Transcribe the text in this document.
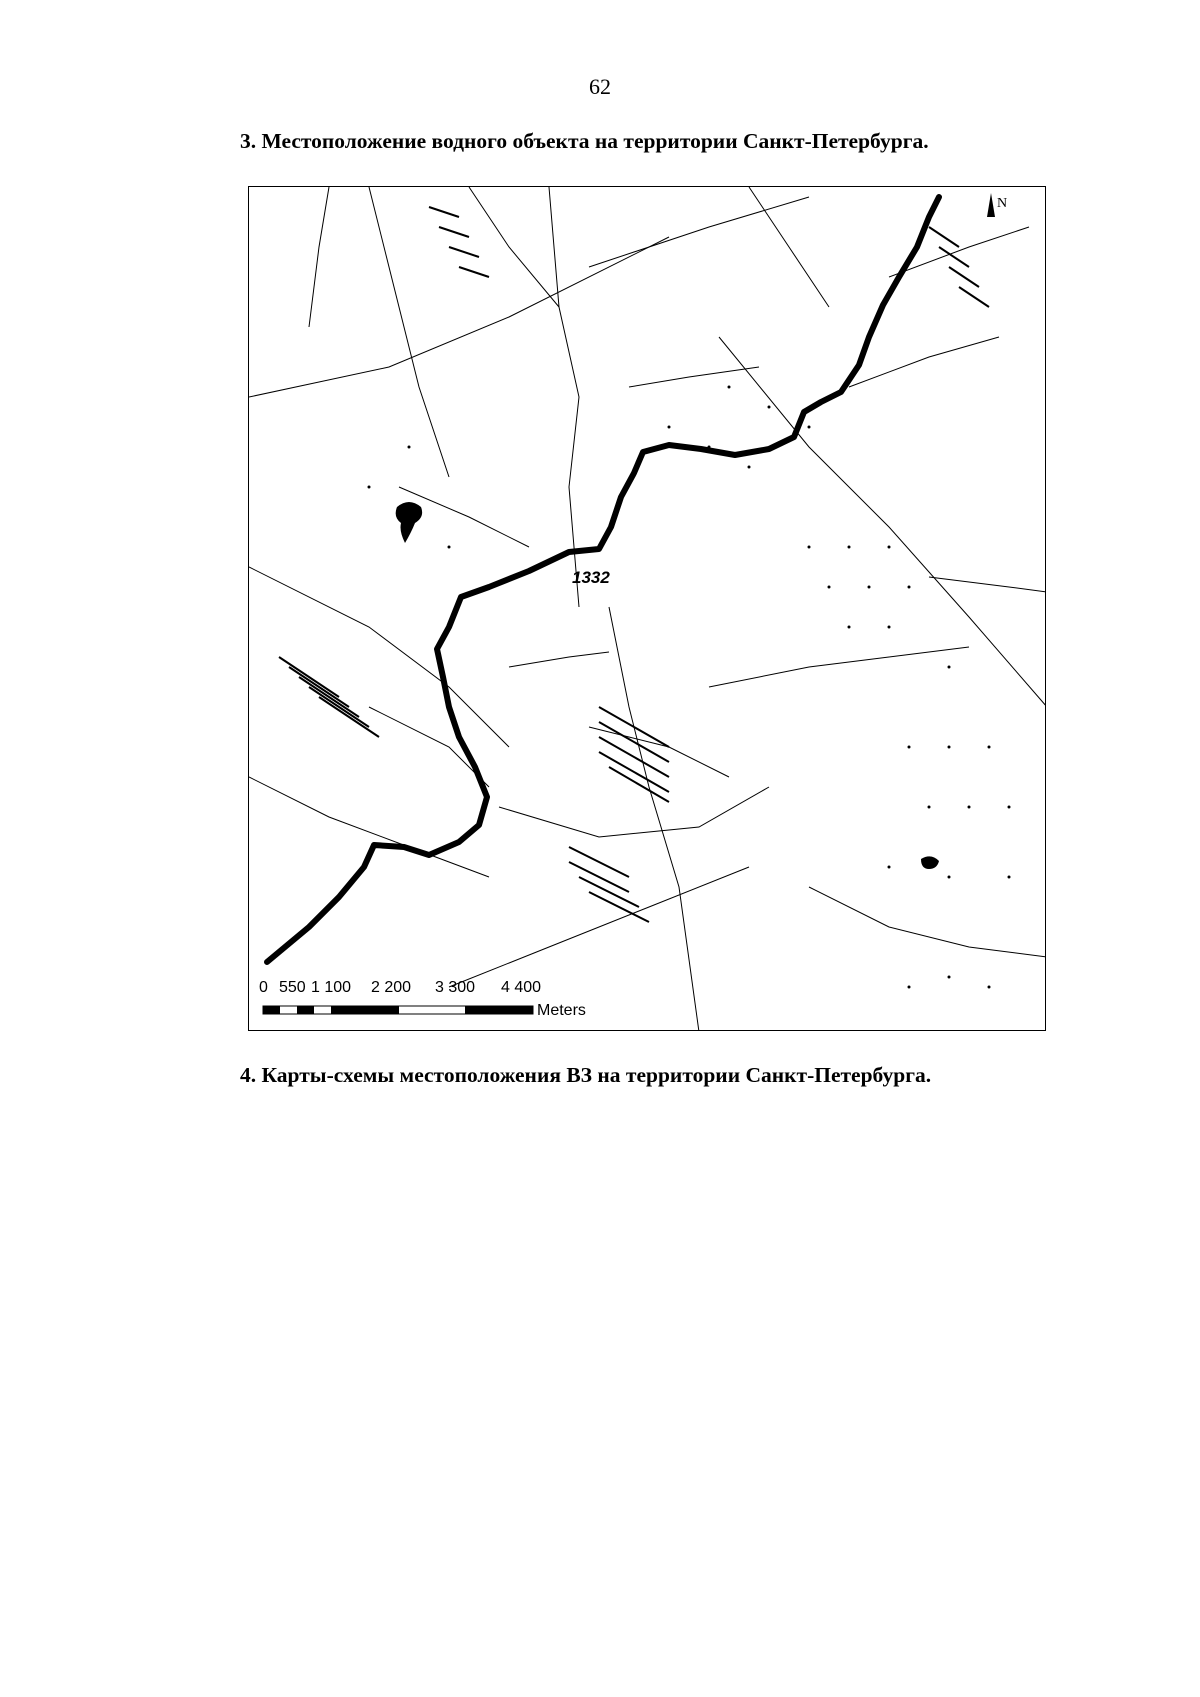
62
3. Местоположение водного объекта на территории Санкт-Петербурга.
1332
N
0 550 1 100 2 200 3 300 4 400
Meters
4. Карты-схемы местоположения ВЗ на территории Санкт-Петербурга.
